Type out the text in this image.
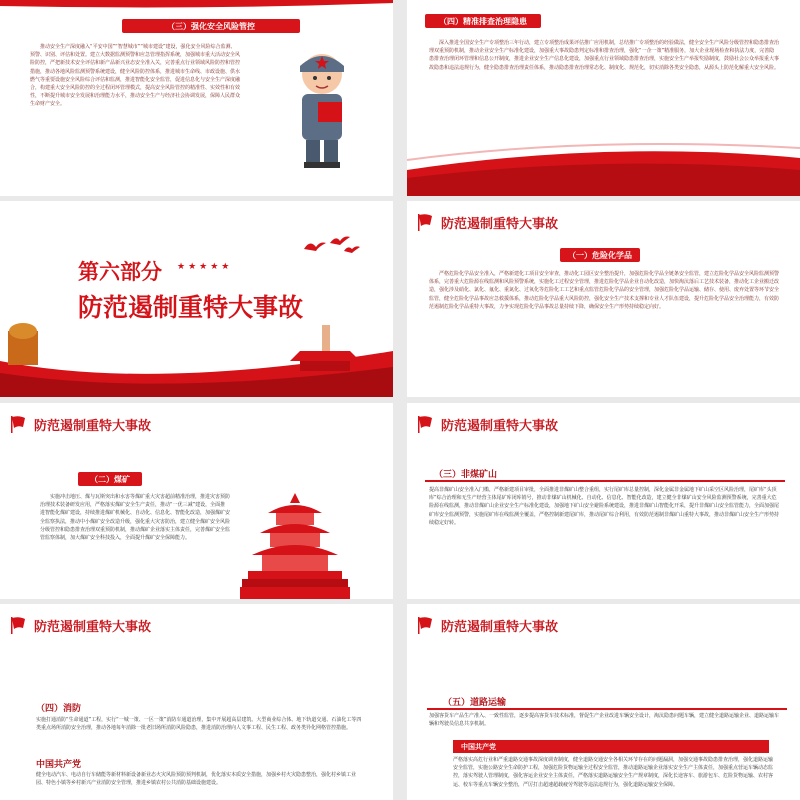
（三）强化安全风险管控
推动安全生产深度融入“平安中国”“智慧城市”“城市建设”建设，强化安全风险综合监测、预警、识别、评估和处置。建立大数据监测预警和应急管理指挥系统，加强城市重大活动安全风险防控，严把新技术安全评估和新产品新兴业态安全准入关，完善重点行业领域风险防控和管控措施，推动各地风险监测预警系统建设，健全风险防控体系，推进城市生命线、市政设施、供水燃气等重要设施安全风险综合评估和监测，推进智能化安全监管，促进信息化与安全生产深度融合，构建重大安全风险防控的全过程闭环管理模式，提高安全风险管控的精准性、实效性和有效性，不断提升城市安全发展和治理能力水平，推动安全生产与经济社会协调发展，保障人民群众生命财产安全。
（四）精准排查治理隐患
深入推进全国安全生产专项整治三年行动，建立专项整治成果评估推广应用机制，总结推广专项整治的经验做法，健全安全生产风险分级管控和隐患排查治理双重预防机制，推动企业安全生产标准化建设，加强重大事故隐患判定标准和排查治理，强化“一企一策”精准服务，加大企业现场检查和执法力度，完善隐患排查治理闭环管理和信息公开制度，推进企业安全生产信息化建设，加强重点行业领域隐患排查治理，实施安全生产举报奖励制度，鼓励社会公众举报重大事故隐患和违法违规行为，健全隐患排查治理责任体系，推动隐患排查治理常态化、制度化、规范化，切实消除各类安全隐患，从源头上防范化解重大安全风险。
第六部分 ★★★★★
防范遏制重特大事故
防范遏制重特大事故
（一）危险化学品
严格危险化学品安全准入，严格新建化工项目安全审查，推动化工园区安全整治提升，加强危险化学品全链条安全监管，建立危险化学品安全风险监测预警体系，完善重大危险源在线监测和风险预警系统，实施化工过程安全管理，推进危险化学品企业自动化改造，加快淘汰落后工艺技术装备，推动化工企业搬迁改造，强化涉及硝化、氯化、氟化、重氮化、过氧化等危险化工工艺和重点监管危险化学品的安全管理，加强危险化学品运输、储存、使用、废弃处置等环节安全监管，健全危险化学品事故应急救援体系，推动危险化学品重大风险防控，强化安全生产技术支撑和专业人才队伍建设，提升危险化学品安全治理能力，有效防范遏制危险化学品重特大事故，力争实现危险化学品事故总量持续下降，确保安全生产形势持续稳定向好。
防范遏制重特大事故
（二）煤矿
实施冲击地压、煤与瓦斯突出和水害等煤矿重大灾害超前精准治理，推进灾害预防治理技术装备研发应用，严格落实煤矿安全生产责任，推动“一优三减”建设，全面推进智能化煤矿建设，持续推进煤矿机械化、自动化、信息化、智能化改造，加强煤矿安全监察执法，推动中小煤矿安全改造升级，强化重大灾害防治，建立健全煤矿安全风险分级管控和隐患排查治理双重预防机制，推动煤矿企业落实主体责任，完善煤矿安全监管监察体制，加大煤矿安全科技投入，全面提升煤矿安全保障能力。
防范遏制重特大事故
（三）非煤矿山
提高非煤矿山安全准入门槛，严格新建项目审批，全面推进非煤矿山整合重组，实行尾矿库总量控制，深化金属非金属地下矿山采空区风险治理，尾矿库“头顶库”综合治理和无生产经营主体尾矿库闭库销号，推动非煤矿山机械化、自动化、信息化、智能化改造，建立健全非煤矿山安全风险监测预警系统，完善重大危险源在线监测，推动非煤矿山企业安全生产标准化建设，加强地下矿山安全避险系统建设，推进非煤矿山智能化开采，提升非煤矿山安全监管能力，全面加强尾矿库安全监测预警，实施尾矿库在线监测全覆盖，严格控制新建尾矿库，推动尾矿综合利用，有效防范遏制非煤矿山重特大事故，推动非煤矿山安全生产形势持续稳定好转。
防范遏制重特大事故
（四）消防
实施打通消防“生命通道”工程，实行“一城一策、一区一策”消防车通道治理，集中开展超高层建筑、大型商业综合体、地下轨道交通、石油化工等四类重点场所消防安全治理，推动各地每年消除一批老旧场所消防风险隐患，推进消防治理向人文事工程、民生工程、政务类异化网格管控措施。
中国共产党
健全电动汽车、电动自行车储能等新材料新设备新业态火灾风险预防预判机制，优化落实本质安全措施，加强乡村火灾隐患整治，强化村乡镇工业园、特色小镇等乡村新兴产业消防安全管理，推进乡镇农村公共消防基础设施建设。
防范遏制重特大事故
（五）道路运输
加强客货车产品生产准入、一致性监管，逐步提高客货车技术标准，督促生产企业改进车辆安全设计，淘汰隐患问题车辆，建立健全道路运输企业、道路运输车辆和驾驶员信息共享机制。
中国共产党
严格落实高危行业和严重道路交通事故深度调查制度，健全道路交通安全各相关环节存在的问题漏洞，加强交通事故隐患排查治理，强化道路运输安全监管，实施公路安全生命防护工程，加强危险货物运输全过程安全监管，推动道路运输企业落实安全生产主体责任，加强重点营运车辆动态监控，落实驾驶人管理制度，强化客运企业安全主体责任，严格落实道路运输安全生产规章制度，深化长途客车、旅游包车、危险货物运输、农村客运、校车等重点车辆安全整治，严厉打击超速超载疲劳驾驶等违法违规行为，强化道路运输安全保障。
